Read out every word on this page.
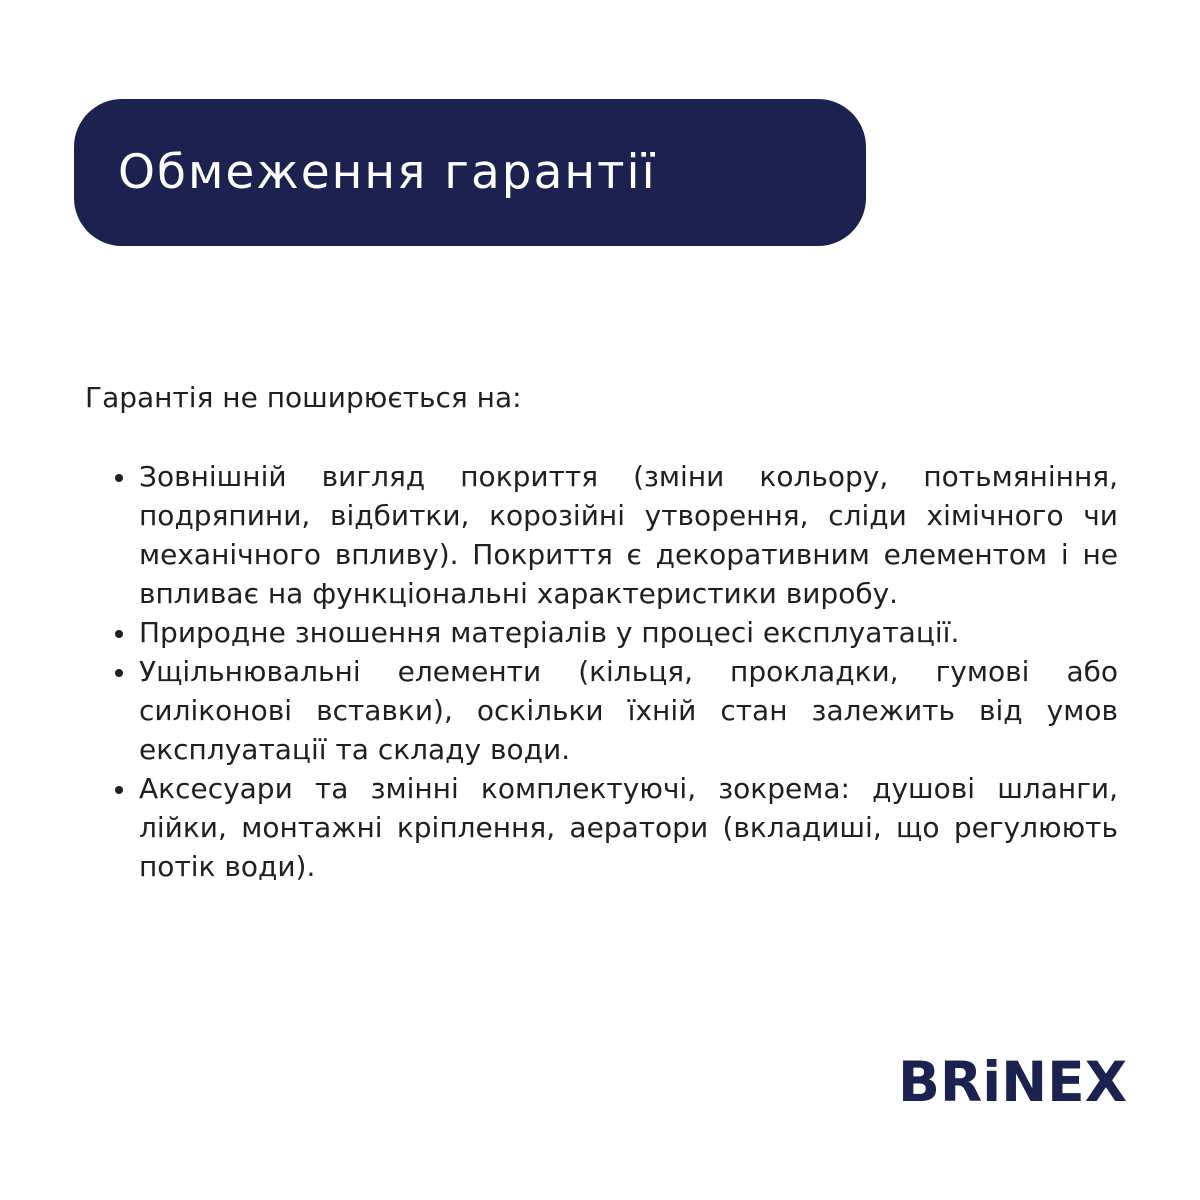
Обмеження гарантії

Гарантія не поширюється на:

Зовнішній вигляд покриття (зміни кольору, потьмяніння, подряпини, відбитки, корозійні утворення, сліди хімічного чи механічного впливу). Покриття є декоративним елементом і не впливає на функціональні характеристики виробу.
Природне зношення матеріалів у процесі експлуатації.
Ущільнювальні елементи (кільця, прокладки, гумові або силіконові вставки), оскільки їхній стан залежить від умов експлуатації та складу води.
Аксесуари та змінні комплектуючі, зокрема: душові шланги, лійки, монтажні кріплення, аератори (вкладиші, що регулюють потік води).
BRiNEX
